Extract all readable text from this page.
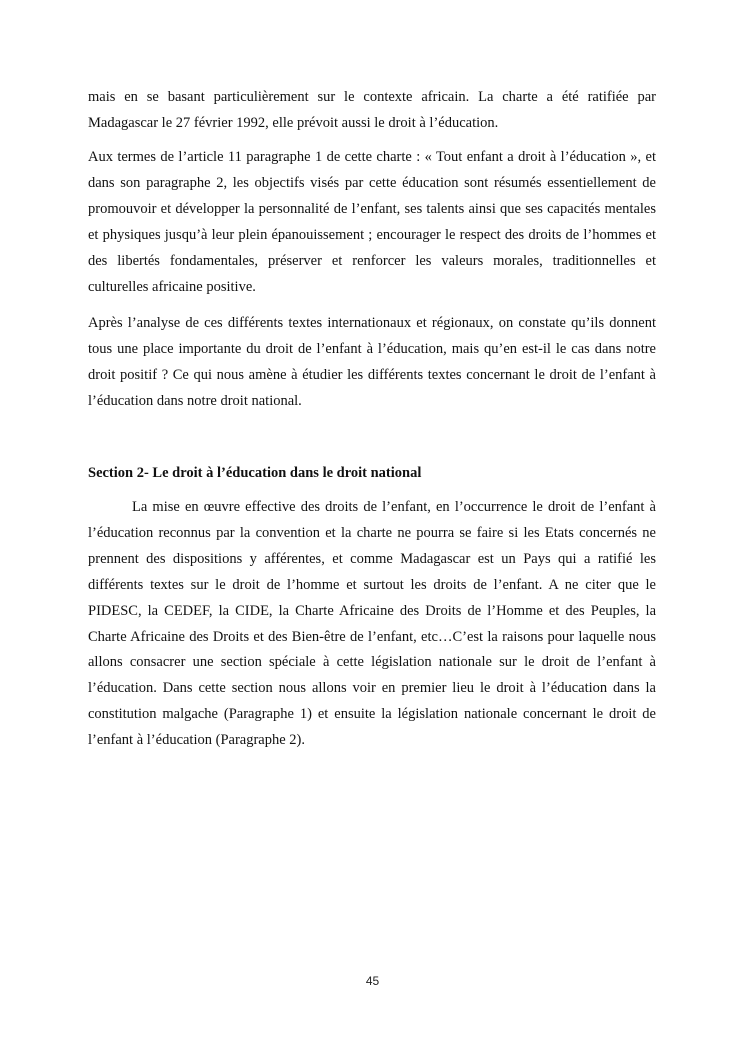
mais en se basant particulièrement sur le contexte africain. La charte a été ratifiée par Madagascar le 27 février 1992, elle prévoit aussi le droit à l’éducation.

Aux termes de l’article 11 paragraphe 1 de cette charte : « Tout enfant a droit à l’éducation », et dans son paragraphe 2, les objectifs visés par cette éducation sont résumés essentiellement de promouvoir et développer la personnalité de l’enfant, ses talents ainsi que ses capacités mentales et physiques jusqu’à leur plein épanouissement ; encourager le respect des droits de l’hommes et des libertés fondamentales, préserver et renforcer les valeurs morales, traditionnelles et culturelles africaine positive.

Après l’analyse de ces différents textes internationaux et régionaux, on constate qu’ils donnent tous une place importante du droit de l’enfant à l’éducation, mais qu’en est-il le cas dans notre droit positif ? Ce qui nous amène à étudier les différents textes concernant le droit de l’enfant à l’éducation dans notre droit national.

Section 2- Le droit à l’éducation dans le droit national

La mise en œuvre effective des droits de l’enfant, en l’occurrence le droit de l’enfant à l’éducation reconnus par la convention et la charte ne pourra se faire si les Etats concernés ne prennent des dispositions y afférentes, et comme Madagascar est un Pays qui a ratifié les différents textes sur le droit de l’homme et surtout les droits de l’enfant. A ne citer que le PIDESC, la CEDEF, la CIDE, la Charte Africaine des Droits de l’Homme et des Peuples, la Charte Africaine des Droits et des Bien-être de l’enfant, etc…C’est la raisons pour laquelle nous allons consacrer une section spéciale à cette législation nationale sur le droit de l’enfant à l’éducation. Dans cette section nous allons voir en premier lieu le droit à l’éducation dans la constitution malgache (Paragraphe 1) et ensuite la législation nationale concernant le droit de l’enfant à l’éducation (Paragraphe 2).

45
